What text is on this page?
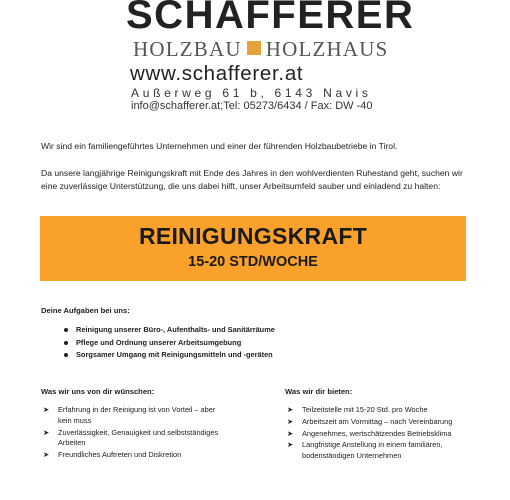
SCHAFFERER
HOLZBAU HOLZHAUS
www.schafferer.at
Außerweg 61 b, 6143 Navis
info@schafferer.at;Tel: 05273/6434 / Fax: DW -40

Wir sind ein familiengeführtes Unternehmen und einer der führenden Holzbaubetriebe in Tirol.

Da unsere langjährige Reinigungskraft mit Ende des Jahres in den wohlverdienten Ruhestand geht, suchen wir eine zuverlässige Unterstützung, die uns dabei hilft, unser Arbeitsumfeld sauber und einladend zu halten:

REINIGUNGSKRAFT
15-20 STD/WOCHE
Deine Aufgaben bei uns:
Reinigung unserer Büro-, Aufenthalts- und Sanitärräume
Pflege und Ordnung unserer Arbeitsumgebung
Sorgsamer Umgang mit Reinigungsmitteln und -geräten
Was wir uns von dir wünschen:
➤ Erfahrung in der Reinigung ist von Vorteil – aber kein muss
➤ Zuverlässigkeit, Genauigkeit und selbstständiges Arbeiten
➤ Freundliches Auftreten und Diskretion
Was wir dir bieten:
➤ Teilzeitstelle mit 15-20 Std. pro Woche
➤ Arbeitszeit am Vormittag – nach Vereinbarung
➤ Angenehmes, wertschätzendes Betriebsklima
➤ Langfristige Anstellung in einem familiären, bodenständigen Unternehmen
